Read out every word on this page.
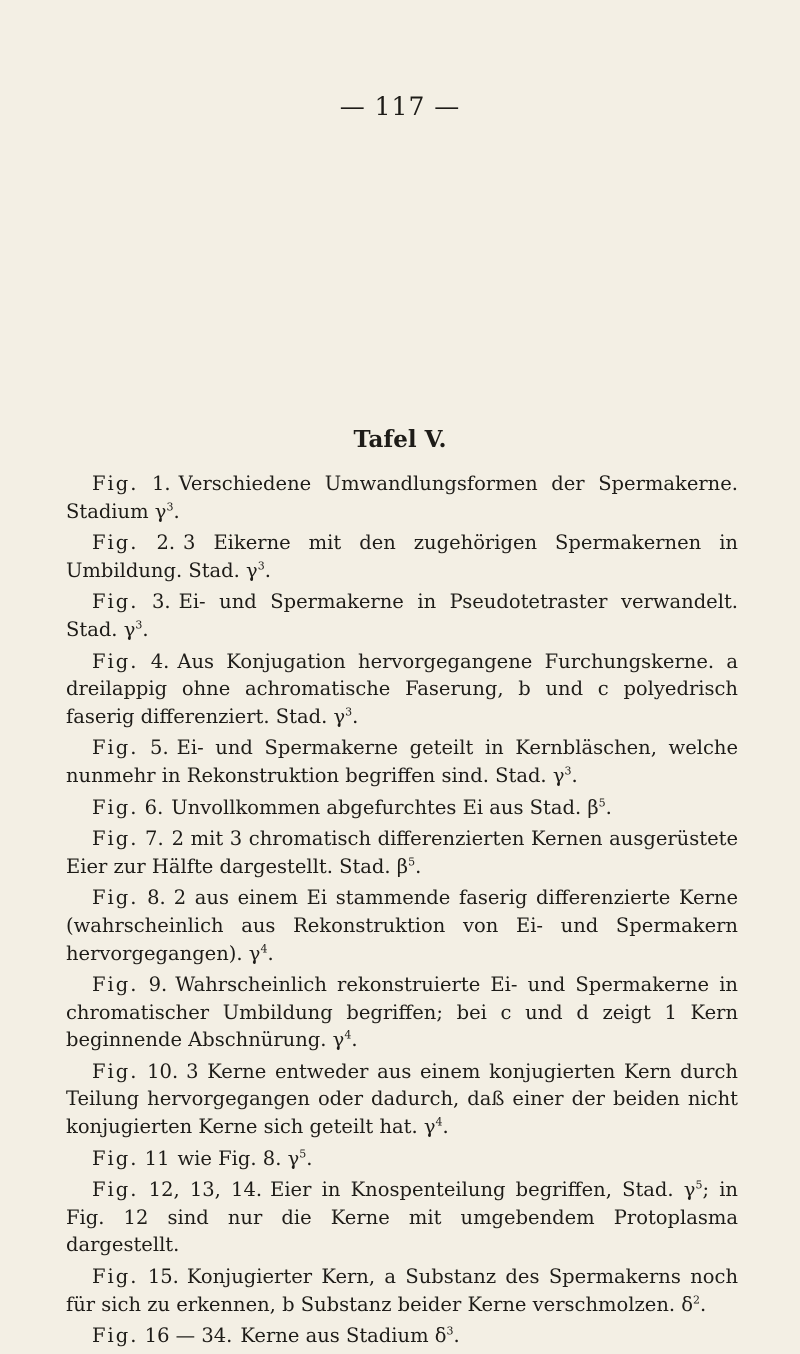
— 117 —
Tafel V.

Fig. 1. Verschiedene Umwandlungsformen der Spermakerne. Stadium $\gamma^3$.

Fig. 2. 3 Eikerne mit den zugehörigen Spermakernen in Umbildung. Stad. $\gamma^3$.

Fig. 3. Ei- und Spermakerne in Pseudotetraster verwandelt. Stad. $\gamma^3$.

Fig. 4. Aus Konjugation hervorgegangene Furchungskerne. a dreilappig ohne achromatische Faserung, b und c polyedrisch faserig differenziert. Stad. $\gamma^3$.

Fig. 5. Ei- und Spermakerne geteilt in Kernbläschen, welche nunmehr in Rekonstruktion begriffen sind. Stad. $\gamma^3$.

Fig. 6. Unvollkommen abgefurchtes Ei aus Stad. $\beta^5$.

Fig. 7. 2 mit 3 chromatisch differenzierten Kernen ausgerüstete Eier zur Hälfte dargestellt. Stad. $\beta^5$.

Fig. 8. 2 aus einem Ei stammende faserig differenzierte Kerne (wahrscheinlich aus Rekonstruktion von Ei- und Spermakern hervorgegangen). $\gamma^4$.

Fig. 9. Wahrscheinlich rekonstruierte Ei- und Spermakerne in chromatischer Umbildung begriffen; bei c und d zeigt 1 Kern beginnende Abschnürung. $\gamma^4$.

Fig. 10. 3 Kerne entweder aus einem konjugierten Kern durch Teilung hervorgegangen oder dadurch, daß einer der beiden nicht konjugierten Kerne sich geteilt hat. $\gamma^4$.

Fig. 11 wie Fig. 8. $\gamma^5$.

Fig. 12, 13, 14. Eier in Knospenteilung begriffen, Stad. $\gamma^5$; in Fig. 12 sind nur die Kerne mit umgebendem Protoplasma dargestellt.

Fig. 15. Konjugierter Kern, a Substanz des Spermakerns noch für sich zu erkennen, b Substanz beider Kerne verschmolzen. $\delta^2$.

Fig. 16 — 34. Kerne aus Stadium $\delta^3$.
